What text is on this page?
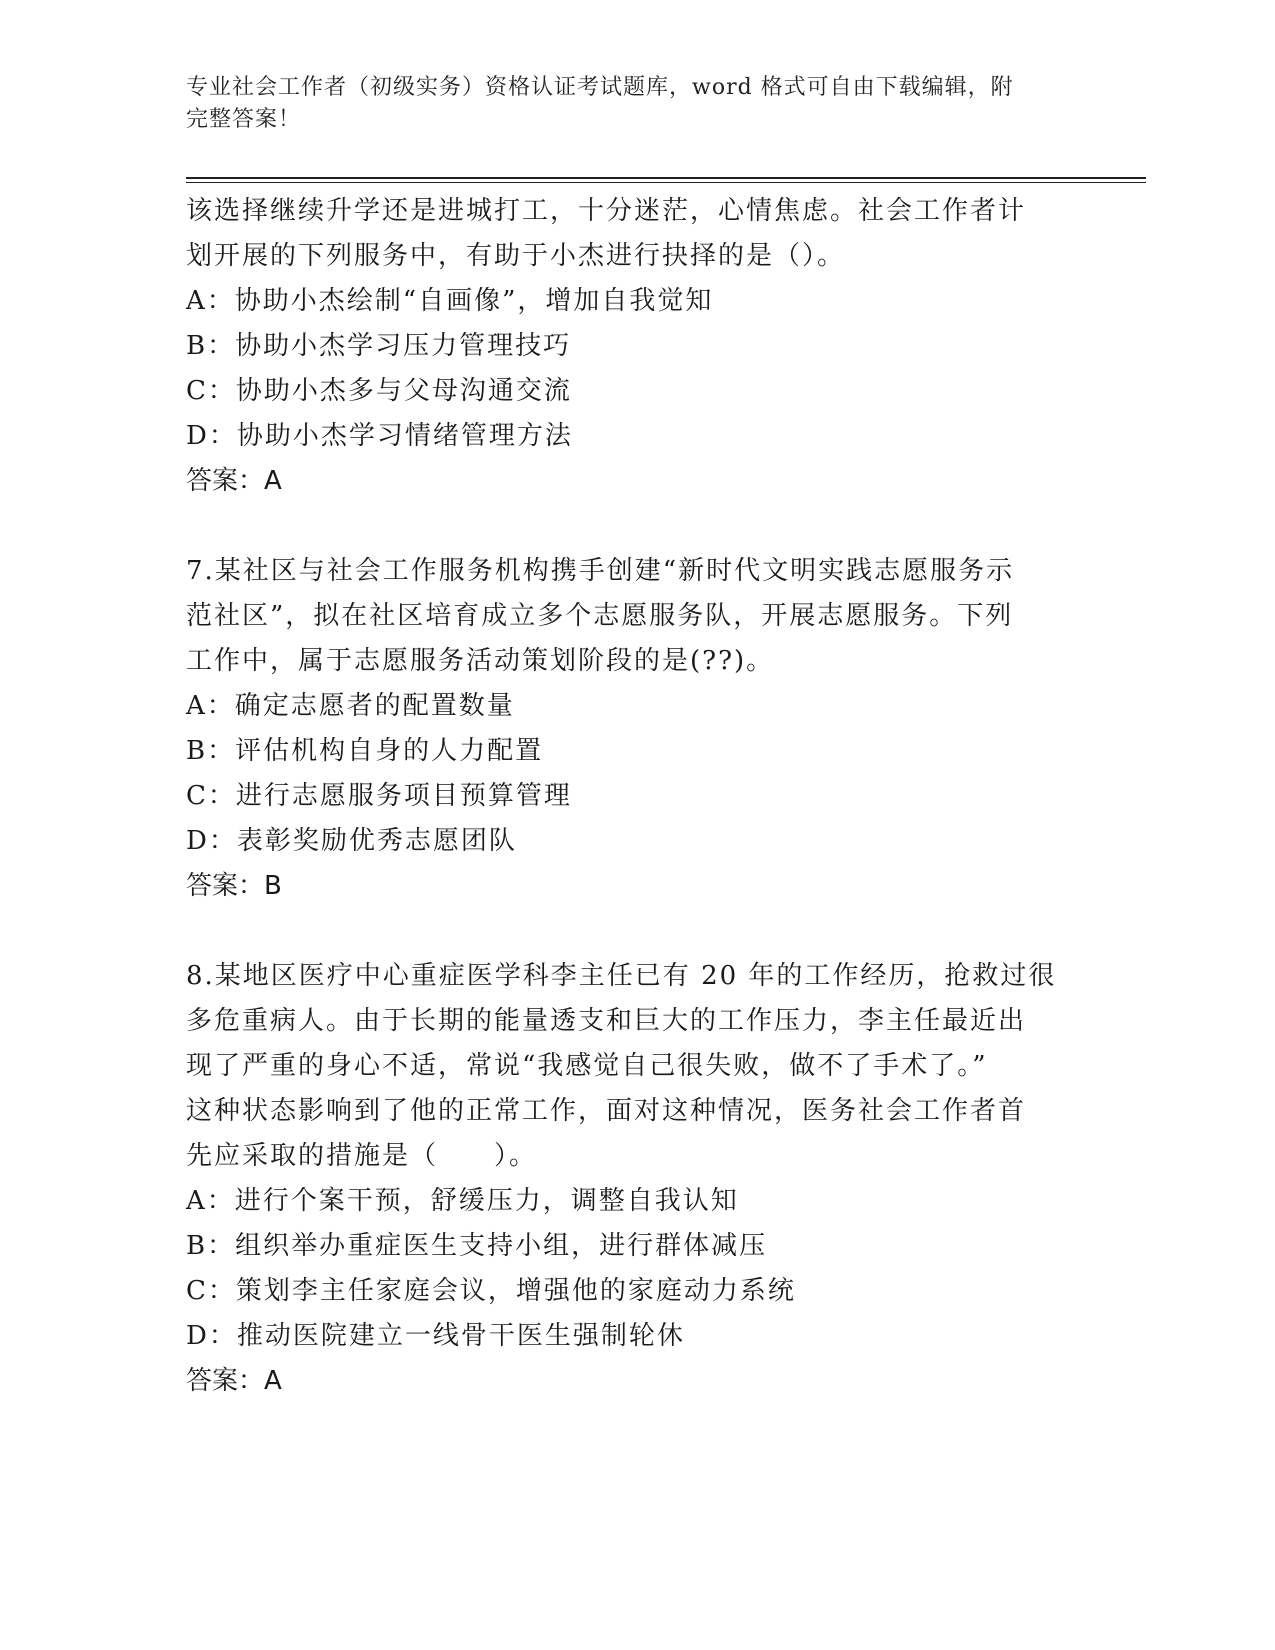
专业社会工作者（初级实务）资格认证考试题库，word 格式可自由下载编辑，附
完整答案！
该选择继续升学还是进城打工，十分迷茫，心情焦虑。社会工作者计
划开展的下列服务中，有助于小杰进行抉择的是（）。
A：协助小杰绘制“自画像”，增加自我觉知
B：协助小杰学习压力管理技巧
C：协助小杰多与父母沟通交流
D：协助小杰学习情绪管理方法
答案：A
7.某社区与社会工作服务机构携手创建“新时代文明实践志愿服务示
范社区”，拟在社区培育成立多个志愿服务队，开展志愿服务。下列
工作中，属于志愿服务活动策划阶段的是(??)。
A：确定志愿者的配置数量
B：评估机构自身的人力配置
C：进行志愿服务项目预算管理
D：表彰奖励优秀志愿团队
答案：B
8.某地区医疗中心重症医学科李主任已有 20 年的工作经历，抢救过很
多危重病人。由于长期的能量透支和巨大的工作压力，李主任最近出
现了严重的身心不适，常说“我感觉自己很失败，做不了手术了。”
这种状态影响到了他的正常工作，面对这种情况，医务社会工作者首
先应采取的措施是（　　）。
A：进行个案干预，舒缓压力，调整自我认知
B：组织举办重症医生支持小组，进行群体减压
C：策划李主任家庭会议，增强他的家庭动力系统
D：推动医院建立一线骨干医生强制轮休
答案：A
